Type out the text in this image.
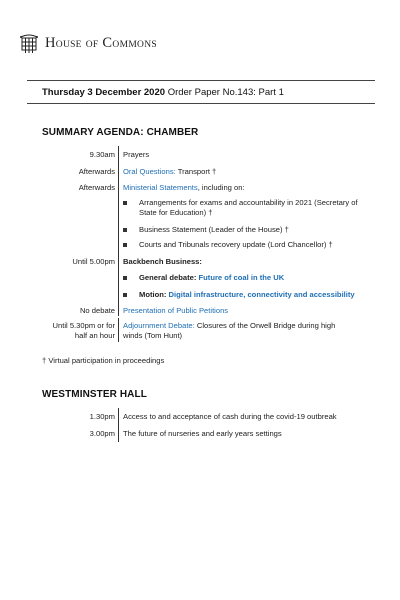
HOUSE OF COMMONS
Thursday 3 December 2020 Order Paper No.143: Part 1
SUMMARY AGENDA: CHAMBER
9.30am Prayers
Afterwards Oral Questions: Transport †
Afterwards Ministerial Statements, including on:
Arrangements for exams and accountability in 2021 (Secretary of State for Education) †
Business Statement (Leader of the House) †
Courts and Tribunals recovery update (Lord Chancellor) †
Until 5.00pm Backbench Business:
General debate: Future of coal in the UK
Motion: Digital infrastructure, connectivity and accessibility
No debate Presentation of Public Petitions
Until 5.30pm or for
half an hour
Adjournment Debate: Closures of the Orwell Bridge during high winds (Tom Hunt)
† Virtual participation in proceedings
WESTMINSTER HALL
1.30pm Access to and acceptance of cash during the covid-19 outbreak
3.00pm The future of nurseries and early years settings
